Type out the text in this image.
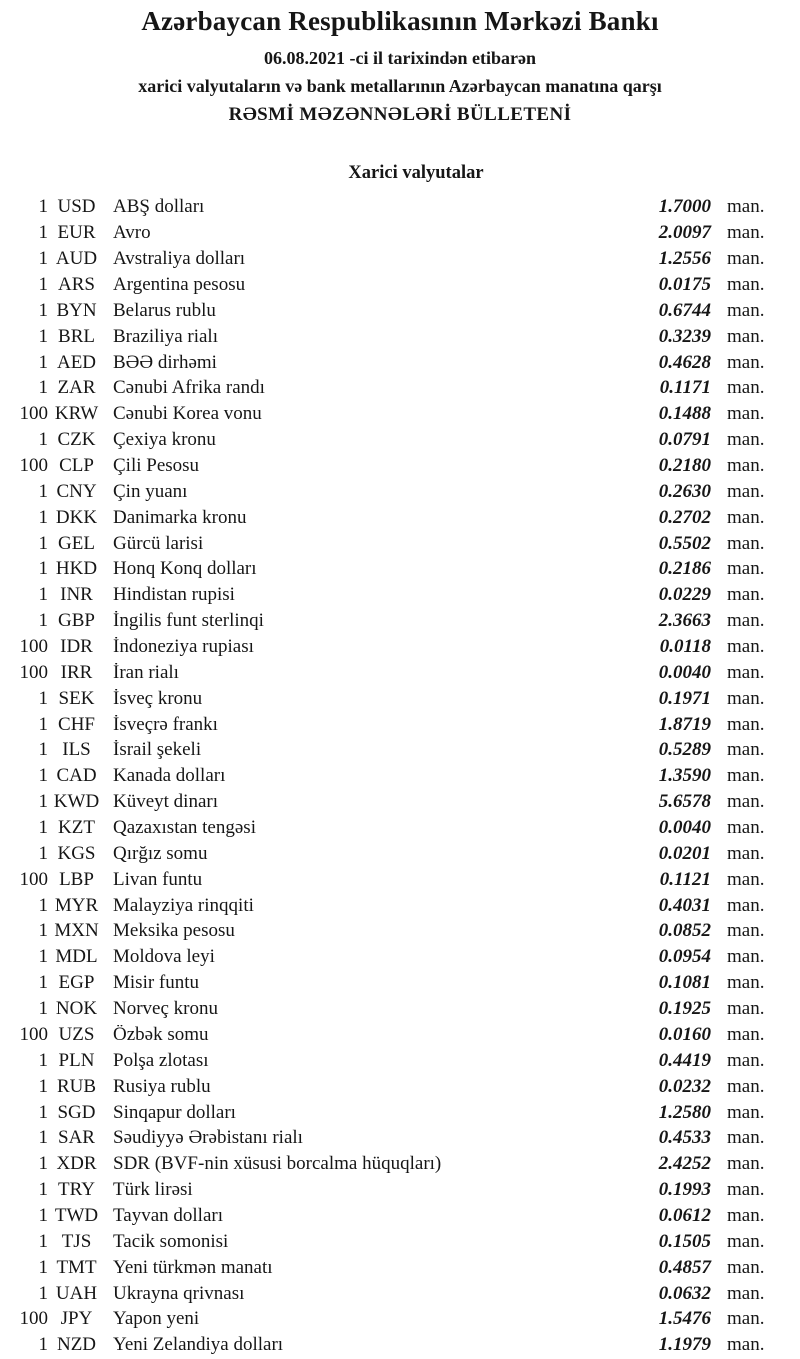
Azərbaycan Respublikasının Mərkəzi Bankı
06.08.2021 -ci il tarixindən etibarən
xarici valyutaların və bank metallarının Azərbaycan manatına qarşı
RƏSMİ MƏZƏNNƏLƏRİ BÜLLETENİ
Xarici valyutalar
1 USD ABŞ dolları	1.7000 man.
1 EUR Avro	2.0097 man.
1 AUD Avstraliya dolları	1.2556 man.
1 ARS Argentina pesosu	0.0175 man.
1 BYN Belarus rublu	0.6744 man.
1 BRL Braziliya rialı	0.3239 man.
1 AED BƏƏ dirhəmi	0.4628 man.
1 ZAR Cənubi Afrika randı	0.1171 man.
100 KRW Cənubi Korea vonu	0.1488 man.
1 CZK Çexiya kronu	0.0791 man.
100 CLP	Çili Pesosu	0.2180 man.
1 CNY Çin yuanı	0.2630 man.
1 DKK Danimarka kronu	0.2702 man.
1 GEL Gürcü larisi	0.5502 man.
1 HKD Honq Konq dolları	0.2186 man.
1 INR	Hindistan rupisi	0.0229 man.
1 GBP İngilis funt sterlinqi	2.3663 man.
100 IDR	İndoneziya rupiası	0.0118 man.
100 IRR	İran rialı	0.0040 man.
1 SEK İsveç kronu	0.1971 man.
1 CHF İsveçrə frankı	1.8719 man.
1 ILS	İsrail şekeli	0.5289 man.
1 CAD Kanada dolları	1.3590 man.
1 KWD Küveyt dinarı	5.6578 man.
1 KZT Qazaxıstan tengəsi	0.0040 man.
1 KGS Qırğız somu	0.0201 man.
100 LBP	Livan funtu	0.1121 man.
1 MYR Malayziya rinqqiti	0.4031 man.
1 MXN Meksika pesosu	0.0852 man.
1 MDL Moldova leyi	0.0954 man.
1 EGP Misir funtu	0.1081 man.
1 NOK Norveç kronu	0.1925 man.
100 UZS Özbək somu	0.0160 man.
1 PLN Polşa zlotası	0.4419 man.
1 RUB Rusiya rublu	0.0232 man.
1 SGD Sinqapur dolları	1.2580 man.
1 SAR Səudiyyə Ərəbistanı rialı	0.4533 man.
1 XDR SDR (BVF-nin xüsusi borcalma hüquqları)	2.4252 man.
1 TRY Türk lirəsi	0.1993 man.
1 TWD Tayvan dolları	0.0612 man.
1 TJS	Tacik somonisi	0.1505 man.
1 TMT Yeni türkmən manatı	0.4857 man.
1 UAH Ukrayna qrivnası	0.0632 man.
100 JPY	Yapon yeni	1.5476 man.
1 NZD Yeni Zelandiya dolları	1.1979 man.
